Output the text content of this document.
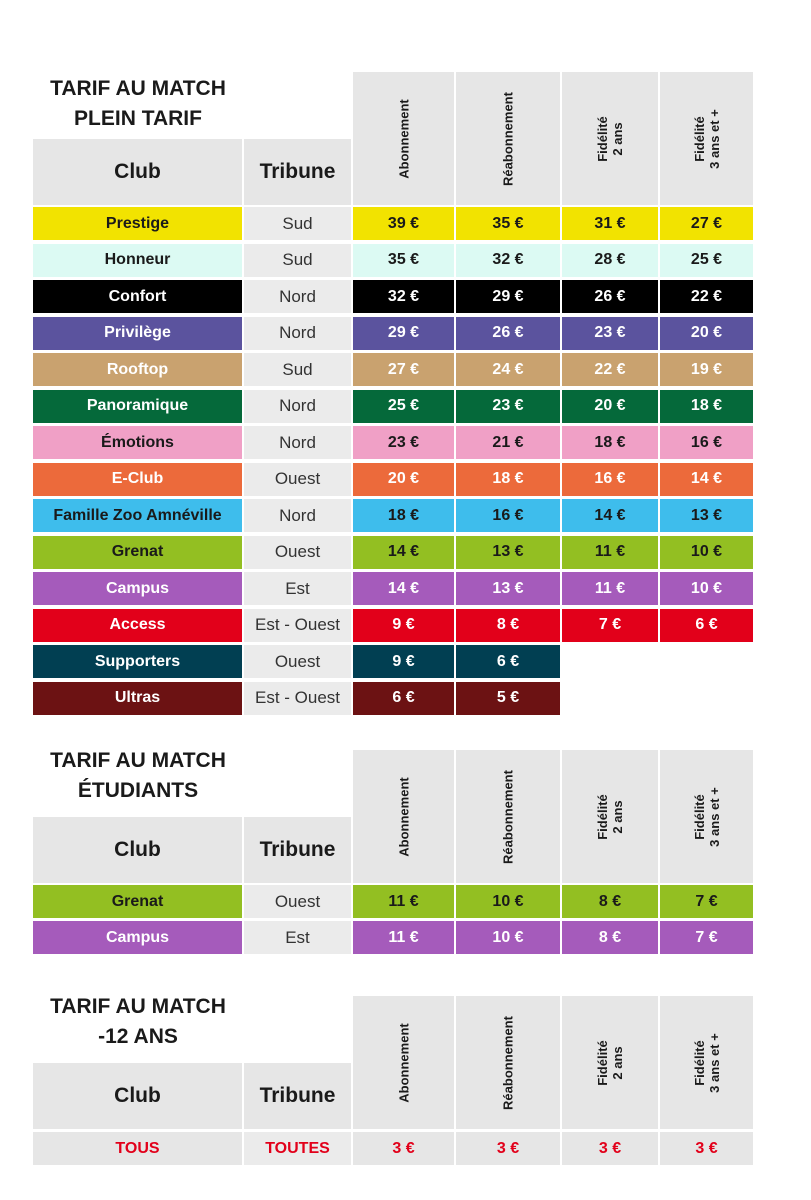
TARIF AU MATCH
PLEIN TARIF
Club	Tribune	Abonnement	Réabonnement	Fidélité 2 ans	Fidélité 3 ans et +
Prestige	Sud	39 €	35 €	31 €	27 €
Honneur	Sud	35 €	32 €	28 €	25 €
Confort	Nord	32 €	29 €	26 €	22 €
Privilège	Nord	29 €	26 €	23 €	20 €
Rooftop	Sud	27 €	24 €	22 €	19 €
Panoramique	Nord	25 €	23 €	20 €	18 €
Émotions	Nord	23 €	21 €	18 €	16 €
E-Club	Ouest	20 €	18 €	16 €	14 €
Famille Zoo Amnéville	Nord	18 €	16 €	14 €	13 €
Grenat	Ouest	14 €	13 €	11 €	10 €
Campus	Est	14 €	13 €	11 €	10 €
Access	Est - Ouest	9 €	8 €	7 €	6 €
Supporters	Ouest	9 €	6 €
Ultras	Est - Ouest	6 €	5 €
TARIF AU MATCH
ÉTUDIANTS
Club	Tribune	Abonnement	Réabonnement	Fidélité 2 ans	Fidélité 3 ans et +
Grenat	Ouest	11 €	10 €	8 €	7 €
Campus	Est	11 €	10 €	8 €	7 €
TARIF AU MATCH
-12 ANS
Club	Tribune	Abonnement	Réabonnement	Fidélité 2 ans	Fidélité 3 ans et +
TOUS	TOUTES	3 €	3 €	3 €	3 €
